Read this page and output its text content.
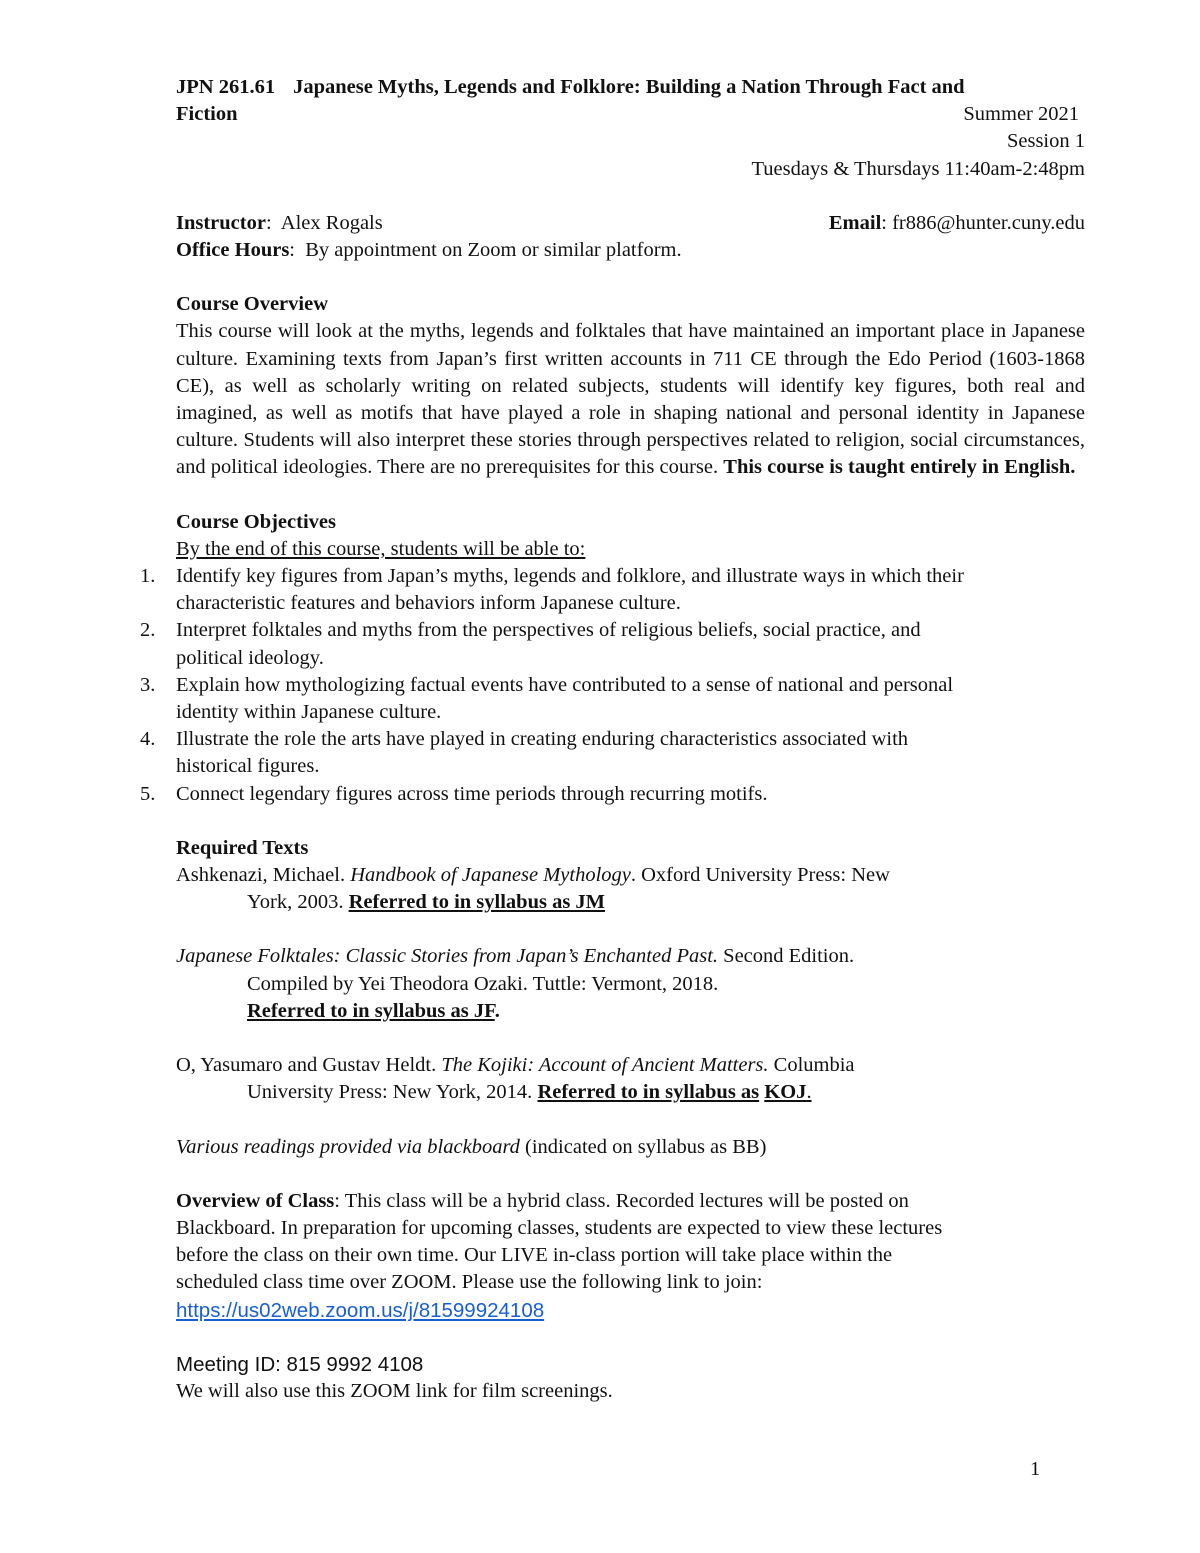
JPN 261.61 Japanese Myths, Legends and Folklore: Building a Nation Through Fact and
Fiction	Summer 2021
Session 1
Tuesdays & Thursdays 11:40am-2:48pm
Instructor:  Alex Rogals	Email: fr886@hunter.cuny.edu
Office Hours:  By appointment on Zoom or similar platform.
Course Overview
This course will look at the myths, legends and folktales that have maintained an important place in Japanese culture. Examining texts from Japan’s first written accounts in 711 CE through the Edo Period (1603-1868 CE), as well as scholarly writing on related subjects, students will identify key figures, both real and imagined, as well as motifs that have played a role in shaping national and personal identity in Japanese culture. Students will also interpret these stories through perspectives related to religion, social circumstances, and political ideologies. There are no prerequisites for this course. This course is taught entirely in English.
Course Objectives
By the end of this course, students will be able to:
1. Identify key figures from Japan’s myths, legends and folklore, and illustrate ways in which their
characteristic features and behaviors inform Japanese culture.
2. Interpret folktales and myths from the perspectives of religious beliefs, social practice, and
political ideology.
3. Explain how mythologizing factual events have contributed to a sense of national and personal
identity within Japanese culture.
4. Illustrate the role the arts have played in creating enduring characteristics associated with
historical figures.
5. Connect legendary figures across time periods through recurring motifs.
Required Texts
Ashkenazi, Michael. Handbook of Japanese Mythology. Oxford University Press: New
York, 2003. Referred to in syllabus as JM
Japanese Folktales: Classic Stories from Japan’s Enchanted Past. Second Edition.
Compiled by Yei Theodora Ozaki. Tuttle: Vermont, 2018.
Referred to in syllabus as JF.
O, Yasumaro and Gustav Heldt. The Kojiki: Account of Ancient Matters. Columbia
University Press: New York, 2014. Referred to in syllabus as KOJ.
Various readings provided via blackboard (indicated on syllabus as BB)
Overview of Class: This class will be a hybrid class. Recorded lectures will be posted on
Blackboard. In preparation for upcoming classes, students are expected to view these lectures
before the class on their own time. Our LIVE in-class portion will take place within the
scheduled class time over ZOOM. Please use the following link to join:
https://us02web.zoom.us/j/81599924108
Meeting ID: 815 9992 4108
We will also use this ZOOM link for film screenings.
1
